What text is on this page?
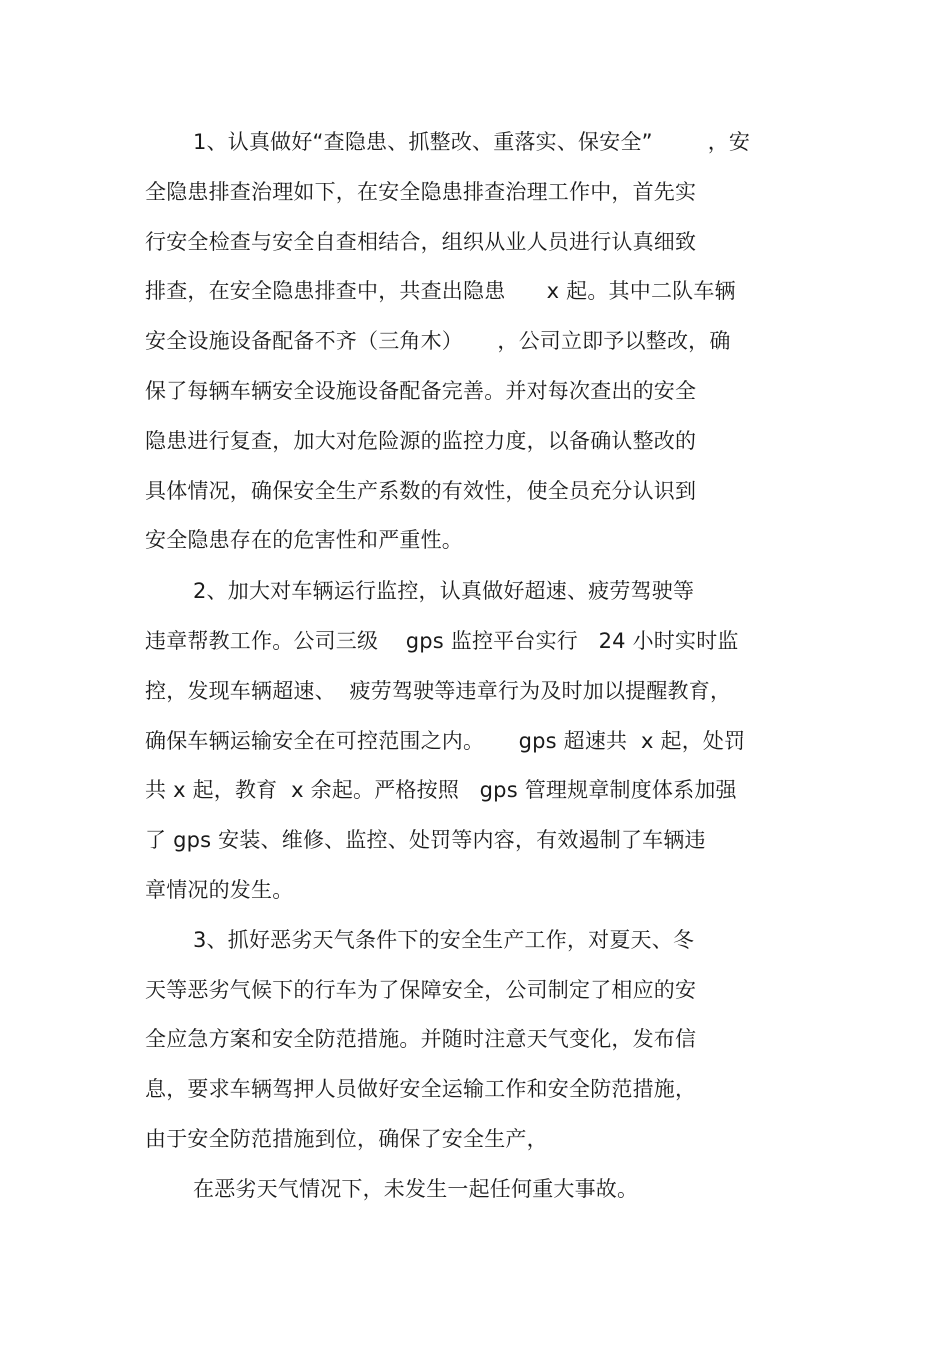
1、认真做好“查隐患、抓整改、重落实、保安全”        ，安
全隐患排查治理如下，在安全隐患排查治理工作中，首先实
行安全检查与安全自查相结合，组织从业人员进行认真细致
排查，在安全隐患排查中，共查出隐患      x 起。其中二队车辆
安全设施设备配备不齐（三角木）     ，公司立即予以整改，确
保了每辆车辆安全设施设备配备完善。并对每次查出的安全
隐患进行复查，加大对危险源的监控力度，以备确认整改的
具体情况，确保安全生产系数的有效性，使全员充分认识到
安全隐患存在的危害性和严重性。
2、加大对车辆运行监控，认真做好超速、疲劳驾驶等
违章帮教工作。公司三级    gps 监控平台实行   24 小时实时监
控，发现车辆超速、  疲劳驾驶等违章行为及时加以提醒教育，
确保车辆运输安全在可控范围之内。     gps 超速共  x 起，处罚
共 x 起，教育  x 余起。严格按照   gps 管理规章制度体系加强
了 gps 安装、维修、监控、处罚等内容，有效遏制了车辆违
章情况的发生。
3、抓好恶劣天气条件下的安全生产工作，对夏天、冬
天等恶劣气候下的行车为了保障安全，公司制定了相应的安
全应急方案和安全防范措施。并随时注意天气变化，发布信
息，要求车辆驾押人员做好安全运输工作和安全防范措施，
由于安全防范措施到位，确保了安全生产，
在恶劣天气情况下，未发生一起任何重大事故。
